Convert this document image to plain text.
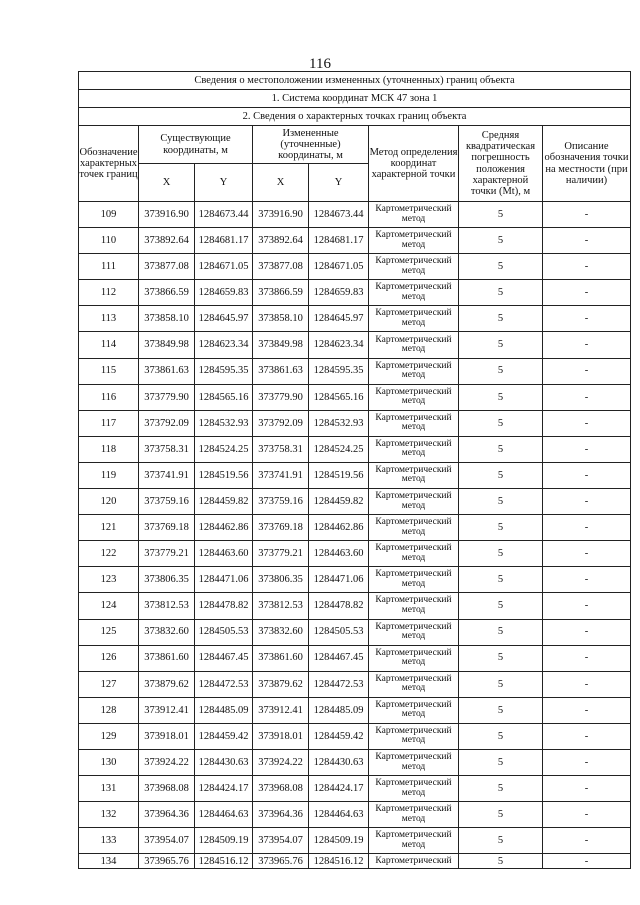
116
Сведения о местоположении измененных (уточненных) границ объекта							
1. Система координат МСК 47 зона 1							
2. Сведения о характерных точках границ объекта							
Обозначение характерных точек границ	Существующие координаты, м		Измененные (уточненные) координаты, м		Метод определения координат характерной точки	Средняя квадратическая погрешность положения характерной точки (Mt), м	Описание обозначения точки на местности (при наличии)
	X	Y	X	Y			
109	373916.90	1284673.44	373916.90	1284673.44	Картометрический метод	5	-
110	373892.64	1284681.17	373892.64	1284681.17	Картометрический метод	5	-
111	373877.08	1284671.05	373877.08	1284671.05	Картометрический метод	5	-
112	373866.59	1284659.83	373866.59	1284659.83	Картометрический метод	5	-
113	373858.10	1284645.97	373858.10	1284645.97	Картометрический метод	5	-
114	373849.98	1284623.34	373849.98	1284623.34	Картометрический метод	5	-
115	373861.63	1284595.35	373861.63	1284595.35	Картометрический метод	5	-
116	373779.90	1284565.16	373779.90	1284565.16	Картометрический метод	5	-
117	373792.09	1284532.93	373792.09	1284532.93	Картометрический метод	5	-
118	373758.31	1284524.25	373758.31	1284524.25	Картометрический метод	5	-
119	373741.91	1284519.56	373741.91	1284519.56	Картометрический метод	5	-
120	373759.16	1284459.82	373759.16	1284459.82	Картометрический метод	5	-
121	373769.18	1284462.86	373769.18	1284462.86	Картометрический метод	5	-
122	373779.21	1284463.60	373779.21	1284463.60	Картометрический метод	5	-
123	373806.35	1284471.06	373806.35	1284471.06	Картометрический метод	5	-
124	373812.53	1284478.82	373812.53	1284478.82	Картометрический метод	5	-
125	373832.60	1284505.53	373832.60	1284505.53	Картометрический метод	5	-
126	373861.60	1284467.45	373861.60	1284467.45	Картометрический метод	5	-
127	373879.62	1284472.53	373879.62	1284472.53	Картометрический метод	5	-
128	373912.41	1284485.09	373912.41	1284485.09	Картометрический метод	5	-
129	373918.01	1284459.42	373918.01	1284459.42	Картометрический метод	5	-
130	373924.22	1284430.63	373924.22	1284430.63	Картометрический метод	5	-
131	373968.08	1284424.17	373968.08	1284424.17	Картометрический метод	5	-
132	373964.36	1284464.63	373964.36	1284464.63	Картометрический метод	5	-
133	373954.07	1284509.19	373954.07	1284509.19	Картометрический метод	5	-
134	373965.76	1284516.12	373965.76	1284516.12	Картометрический	5	-
